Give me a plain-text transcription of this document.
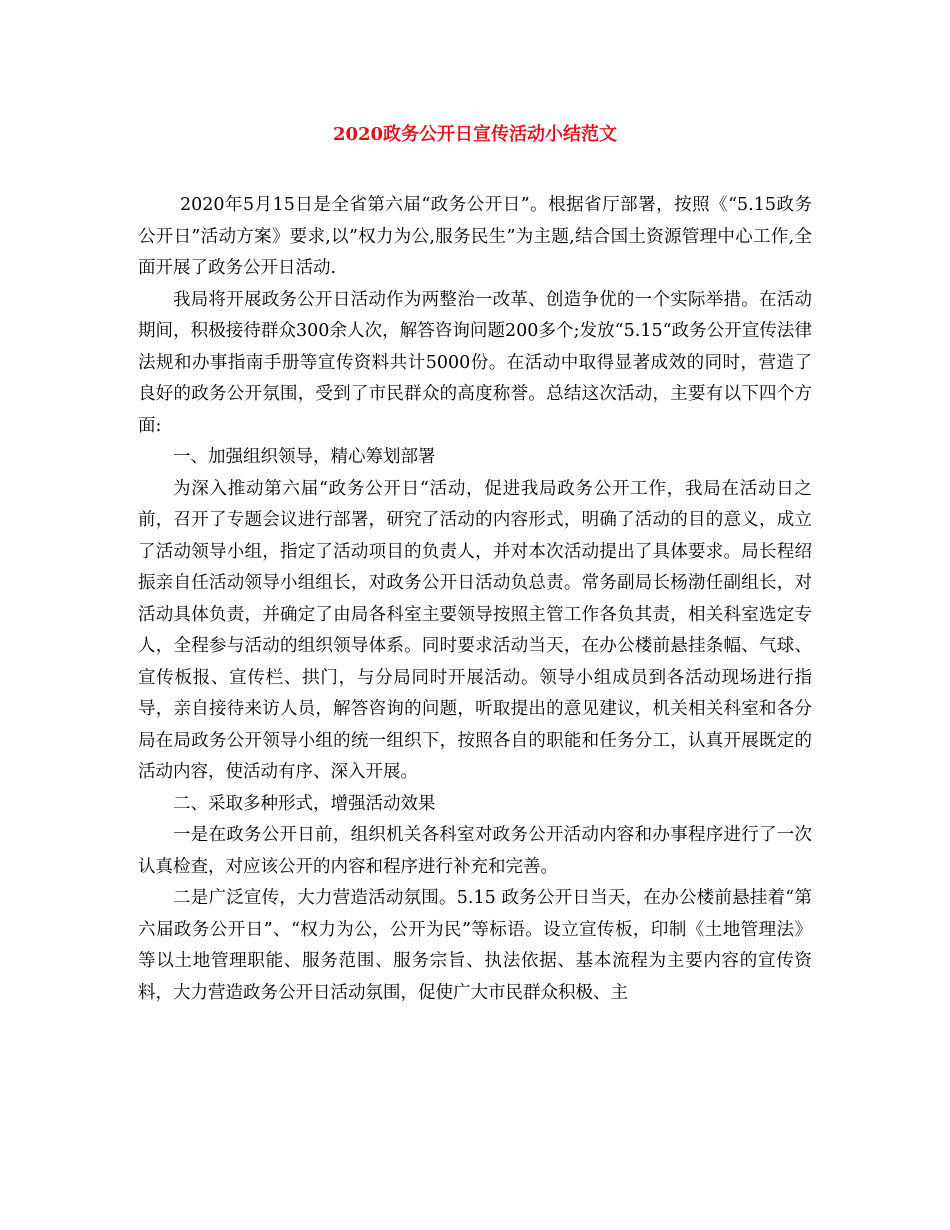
2020政务公开日宣传活动小结范文

2020年5月15日是全省第六届“政务公开日”。根据省厅部署，按照《“5.15政务公开日”活动方案》要求,以”权力为公,服务民生”为主题,结合国土资源管理中心工作,全面开展了政务公开日活动.

我局将开展政务公开日活动作为两整治一改革、创造争优的一个实际举措。在活动期间，积极接待群众300余人次，解答咨询问题200多个;发放“5.15“政务公开宣传法律法规和办事指南手册等宣传资料共计5000份。在活动中取得显著成效的同时，营造了良好的政务公开氛围，受到了市民群众的高度称誉。总结这次活动，主要有以下四个方面:

一、加强组织领导，精心筹划部署

为深入推动第六届“政务公开日“活动，促进我局政务公开工作，我局在活动日之前，召开了专题会议进行部署，研究了活动的内容形式，明确了活动的目的意义，成立了活动领导小组，指定了活动项目的负责人，并对本次活动提出了具体要求。局长程绍振亲自任活动领导小组组长，对政务公开日活动负总责。常务副局长杨渤任副组长，对活动具体负责，并确定了由局各科室主要领导按照主管工作各负其责，相关科室选定专人，全程参与活动的组织领导体系。同时要求活动当天，在办公楼前悬挂条幅、气球、宣传板报、宣传栏、拱门，与分局同时开展活动。领导小组成员到各活动现场进行指导，亲自接待来访人员，解答咨询的问题，听取提出的意见建议，机关相关科室和各分局在局政务公开领导小组的统一组织下，按照各自的职能和任务分工，认真开展既定的活动内容，使活动有序、深入开展。

二、采取多种形式，增强活动效果

一是在政务公开日前，组织机关各科室对政务公开活动内容和办事程序进行了一次认真检查，对应该公开的内容和程序进行补充和完善。

二是广泛宣传，大力营造活动氛围。5.15 政务公开日当天，在办公楼前悬挂着“第六届政务公开日”、“权力为公，公开为民”等标语。设立宣传板，印制《土地管理法》等以土地管理职能、服务范围、服务宗旨、执法依据、基本流程为主要内容的宣传资料，大力营造政务公开日活动氛围，促使广大市民群众积极、主
